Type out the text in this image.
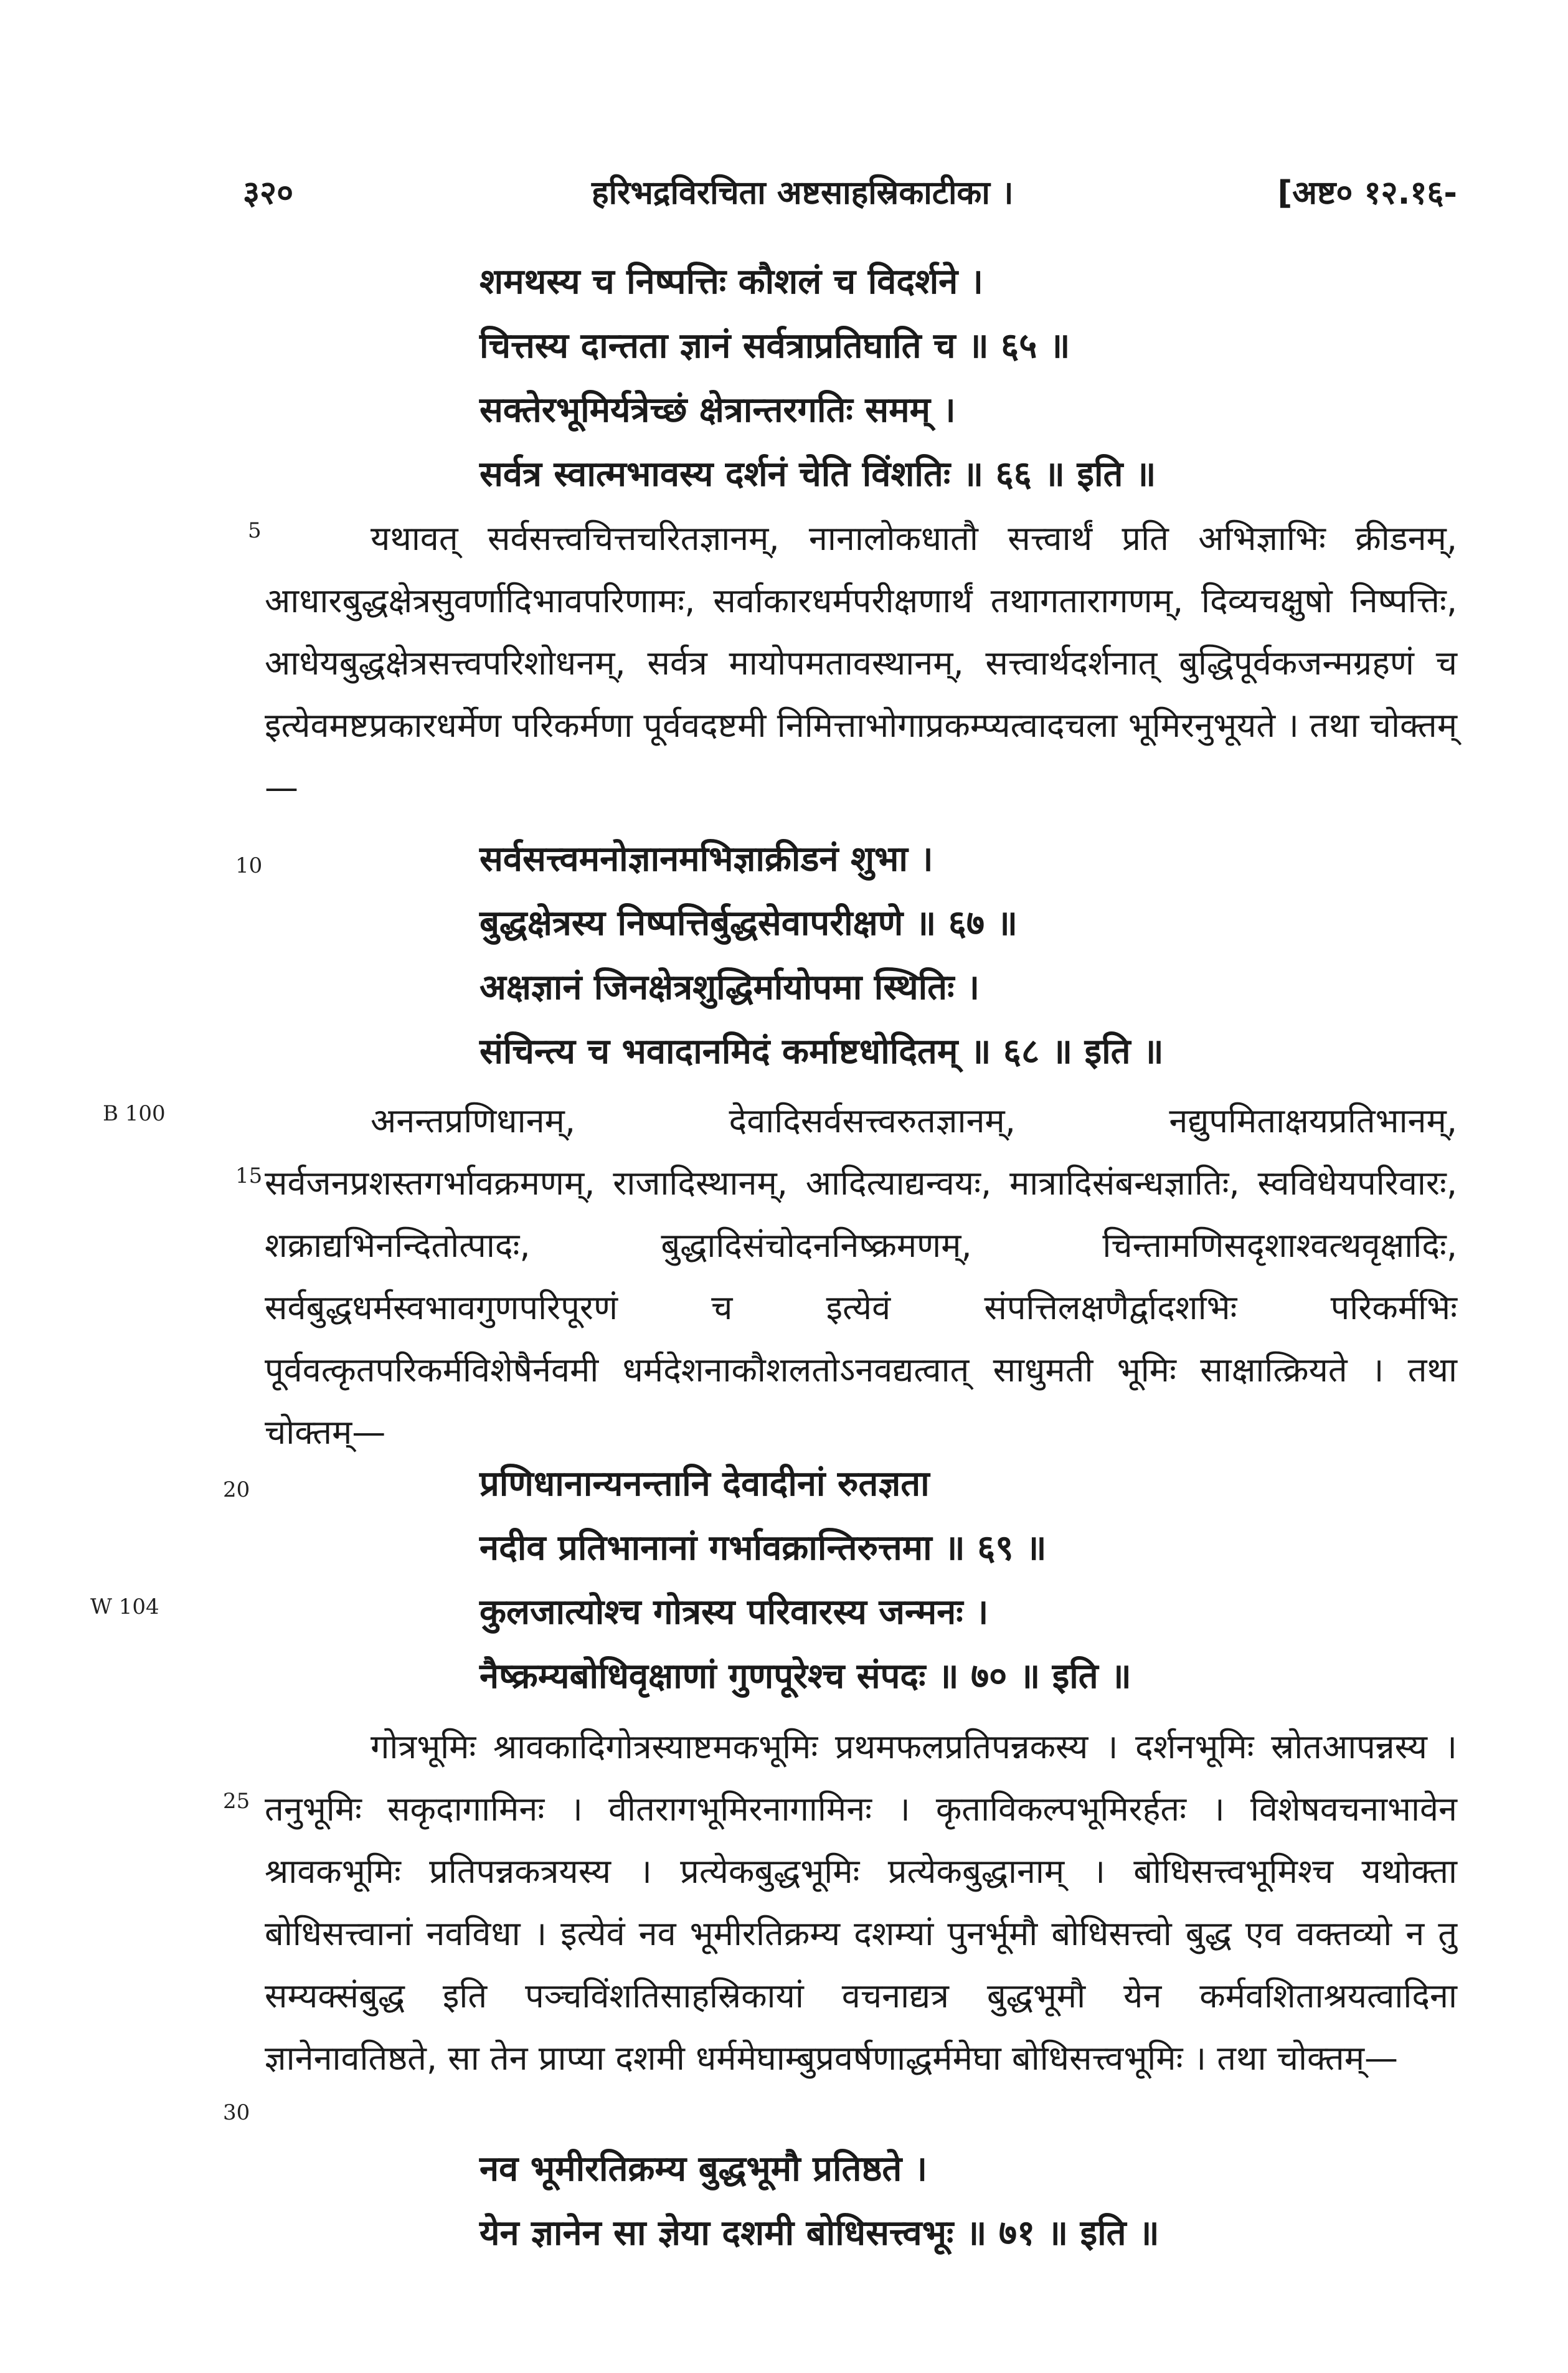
३२०	हरिभद्रविरचिता अष्टसाहस्रिकाटीका ।	[अष्ट० १२.१६-
शमथस्य च निष्पत्तिः कौशलं च विदर्शने ।
चित्तस्य दान्तता ज्ञानं सर्वत्राप्रतिघाति च ॥ ६५ ॥
सक्तेरभूमिर्यत्रेच्छं क्षेत्रान्तरगतिः समम् ।
सर्वत्र स्वात्मभावस्य दर्शनं चेति विंशतिः ॥ ६६ ॥ इति ॥
5	यथावत् सर्वसत्त्वचित्तचरितज्ञानम्, नानालोकधातौ सत्त्वार्थं प्रति अभिज्ञाभिः क्रीडनम्, आधारबुद्धक्षेत्रसुवर्णादिभावपरिणामः, सर्वाकारधर्मपरीक्षणार्थं तथागतारागणम्, दिव्यचक्षुषो निष्पत्तिः, आधेयबुद्धक्षेत्रसत्त्वपरिशोधनम्, सर्वत्र मायोपमतावस्थानम्, सत्त्वार्थदर्शनात् बुद्धिपूर्वकजन्मग्रहणं च इत्येवमष्टप्रकारधर्मेण परिकर्मणा पूर्ववदष्टमी निमित्ताभोगाप्रकम्प्यत्वादचला भूमिरनुभूयते । तथा चोक्तम्—

10	सर्वसत्त्वमनोज्ञानमभिज्ञाक्रीडनं शुभा ।
बुद्धक्षेत्रस्य निष्पत्तिर्बुद्धसेवापरीक्षणे ॥ ६७ ॥
अक्षज्ञानं जिनक्षेत्रशुद्धिर्मायोपमा स्थितिः ।
संचिन्त्य च भवादानमिदं कर्माष्टधोदितम् ॥ ६८ ॥ इति ॥
B 100
15

अनन्तप्रणिधानम्, देवादिसर्वसत्त्वरुतज्ञानम्, नद्युपमिताक्षयप्रतिभानम्, सर्वजनप्रशस्तगर्भावक्रमणम्, राजादिस्थानम्, आदित्याद्यन्वयः, मात्रादिसंबन्धज्ञातिः, स्वविधेयपरिवारः, शक्राद्यभिनन्दितोत्पादः, बुद्धादिसंचोदननिष्क्रमणम्, चिन्तामणिसदृशाश्वत्थवृक्षादिः, सर्वबुद्धधर्मस्वभावगुणपरिपूरणं च इत्येवं संपत्तिलक्षणैर्द्वादशभिः परिकर्मभिः पूर्ववत्कृतपरिकर्मविशेषैर्नवमी धर्मदेशनाकौशलतोऽनवद्यत्वात् साधुमती भूमिः साक्षात्क्रियते । तथा चोक्तम्—

20
W 104
प्रणिधानान्यनन्तानि देवादीनां रुतज्ञता
नदीव प्रतिभानानां गर्भावक्रान्तिरुत्तमा ॥ ६९ ॥
कुलजात्योश्च गोत्रस्य परिवारस्य जन्मनः ।
नैष्क्रम्यबोधिवृक्षाणां गुणपूरेश्च संपदः ॥ ७० ॥ इति ॥
25
30

गोत्रभूमिः श्रावकादिगोत्रस्याष्टमकभूमिः प्रथमफलप्रतिपन्नकस्य । दर्शनभूमिः स्रोतआपन्नस्य । तनुभूमिः सकृदागामिनः । वीतरागभूमिरनागामिनः । कृताविकल्पभूमिरर्हतः । विशेषवचनाभावेन श्रावकभूमिः प्रतिपन्नकत्रयस्य । प्रत्येकबुद्धभूमिः प्रत्येकबुद्धानाम् । बोधिसत्त्वभूमिश्च यथोक्ता बोधिसत्त्वानां नवविधा । इत्येवं नव भूमीरतिक्रम्य दशम्यां पुनर्भूमौ बोधिसत्त्वो बुद्ध एव वक्तव्यो न तु सम्यक्संबुद्ध इति पञ्चविंशतिसाहस्रिकायां वचनाद्यत्र बुद्धभूमौ येन कर्मवशिताश्रयत्वादिना ज्ञानेनावतिष्ठते, सा तेन प्राप्या दशमी धर्ममेघाम्बुप्रवर्षणाद्धर्ममेघा बोधिसत्त्वभूमिः । तथा चोक्तम्—

नव भूमीरतिक्रम्य बुद्धभूमौ प्रतिष्ठते ।
येन ज्ञानेन सा ज्ञेया दशमी बोधिसत्त्वभूः ॥ ७१ ॥ इति ॥
